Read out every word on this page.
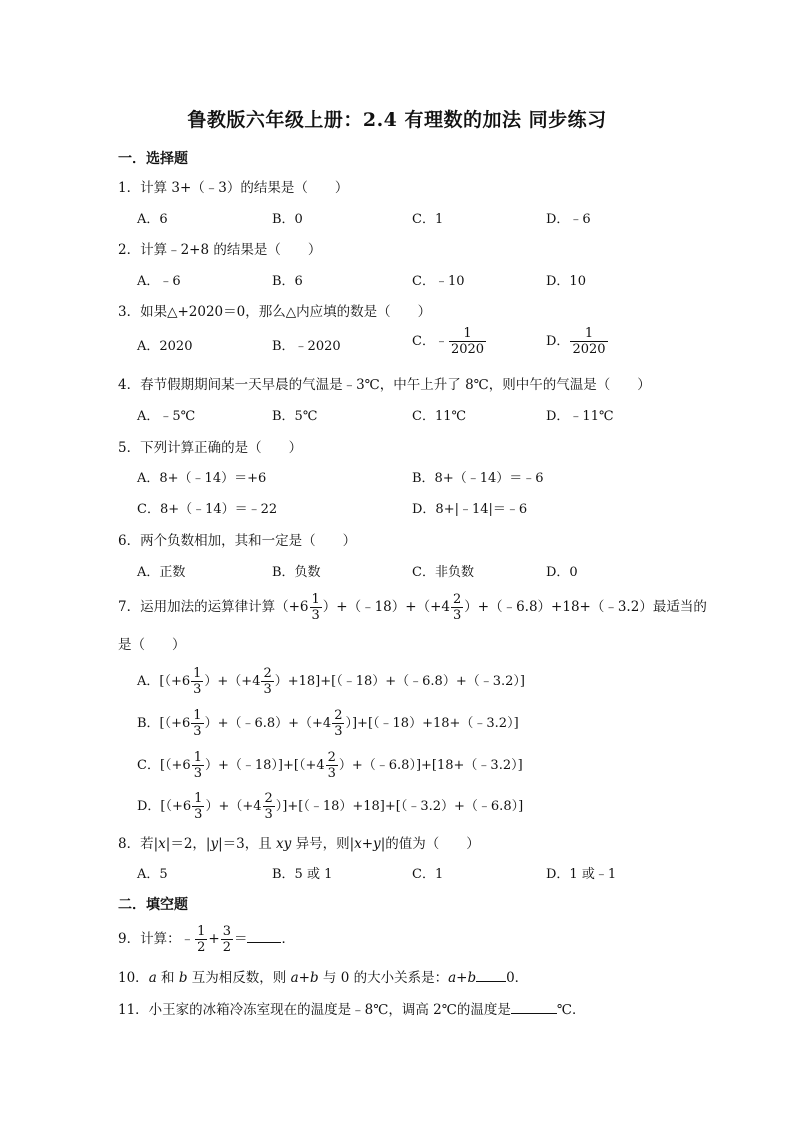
鲁教版六年级上册：2.4 有理数的加法 同步练习
一．选择题
1．计算 3+（﹣3）的结果是（　　）
A．6	B．0	C．1	D．﹣6
2．计算﹣2+8 的结果是（　　）
A．﹣6	B．6	C．﹣10	D．10
3．如果△+2020＝0，那么△内应填的数是（　　）
A．2020	B．﹣2020	C．﹣ $\frac{1}{2020}$	D． $\frac{1}{2020}$
4．春节假期期间某一天早晨的气温是﹣3℃，中午上升了 8℃，则中午的气温是（　　）
A．﹣5℃	B．5℃	C．11℃	D．﹣11℃
5．下列计算正确的是（　　）
A．8+（﹣14）＝+6	B．8+（﹣14）＝﹣6
C．8+（﹣14）＝﹣22	D．8+|﹣14|＝﹣6
6．两个负数相加，其和一定是（　　）
A．正数	B．负数	C．非负数	D．0
7．运用加法的运算律计算（$+6 \frac{1}{3}$ ）+（﹣18）+（+4 $\frac{2}{3}$ ）+（﹣6.8）+18+（﹣3.2）最适当的
是（　　）
A．[$(+6 \frac{1}{3} )+(+4 \frac{2}{3}$ ）+18]+[（﹣18）+（﹣6.8）+（﹣3.2）]
B．[（$+6 \frac{1}{3}$ ）+（﹣6.8）+（+4 $\frac{2}{3}$ ）]+[（﹣18）+18+（﹣3.2）]
C．[（$+6 \frac{1}{3}$ ）+（﹣18）]+[（+4 $\frac{2}{3}$ ）+（﹣6.8）]+[18+（﹣3.2）]
D．[$(+6 \frac{1}{3} )+(+4 \frac{2}{3}$ ）]+[（﹣18）+18]+[（﹣3.2）+（﹣6.8）]
8．若|x|＝2，|y|＝3，且 xy 异号，则|x+y|的值为（　　）
A．5	B．5 或 1	C．1	D．1 或﹣1
二．填空题
9．计算：﹣ $\frac{1}{2} + \frac{3}{2}$ ＝	．
10．a 和 b 互为相反数，则 a+b 与 0 的大小关系是：a+b 0．
11．小王家的冰箱冷冻室现在的温度是﹣8℃，调高 2℃的温度是	℃．
